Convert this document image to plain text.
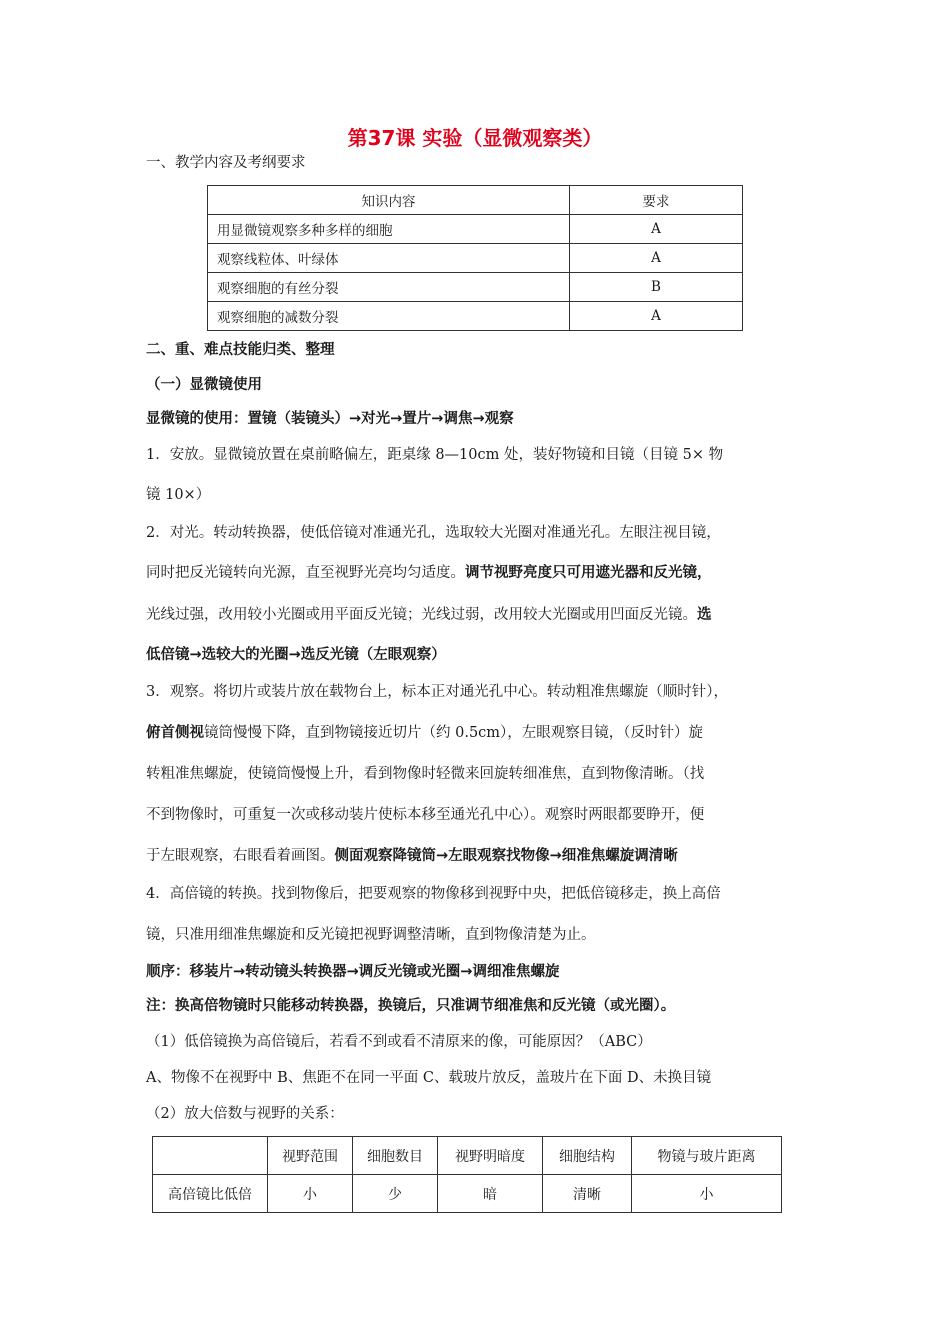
第37课 实验（显微观察类）
一、教学内容及考纲要求
知识内容	要求
用显微镜观察多种多样的细胞	A
观察线粒体、叶绿体	A
观察细胞的有丝分裂	B
观察细胞的减数分裂	A
二、重、难点技能归类、整理
（一）显微镜使用
显微镜的使用：置镜（装镜头）→对光→置片→调焦→观察
1．安放。显微镜放置在桌前略偏左，距桌缘 8—10cm 处，装好物镜和目镜（目镜 5× 物
镜 10×）
2．对光。转动转换器，使低倍镜对准通光孔，选取较大光圈对准通光孔。左眼注视目镜，
同时把反光镜转向光源，直至视野光亮均匀适度。调节视野亮度只可用遮光器和反光镜，
光线过强，改用较小光圈或用平面反光镜；光线过弱，改用较大光圈或用凹面反光镜。选
低倍镜→选较大的光圈→选反光镜（左眼观察）
3．观察。将切片或装片放在载物台上，标本正对通光孔中心。转动粗准焦螺旋（顺时针），
俯首侧视镜筒慢慢下降，直到物镜接近切片（约 0.5cm），左眼观察目镜，（反时针）旋
转粗准焦螺旋，使镜筒慢慢上升，看到物像时轻微来回旋转细准焦，直到物像清晰。（找
不到物像时，可重复一次或移动装片使标本移至通光孔中心）。观察时两眼都要睁开，便
于左眼观察，右眼看着画图。侧面观察降镜筒→左眼观察找物像→细准焦螺旋调清晰
4．高倍镜的转换。找到物像后，把要观察的物像移到视野中央，把低倍镜移走，换上高倍
镜，只准用细准焦螺旋和反光镜把视野调整清晰，直到物像清楚为止。
顺序：移装片→转动镜头转换器→调反光镜或光圈→调细准焦螺旋
注：换高倍物镜时只能移动转换器，换镜后，只准调节细准焦和反光镜（或光圈）。
（1）低倍镜换为高倍镜后，若看不到或看不清原来的像，可能原因？（ABC）
A、物像不在视野中 B、焦距不在同一平面 C、载玻片放反，盖玻片在下面 D、未换目镜
（2）放大倍数与视野的关系：
	视野范围	细胞数目	视野明暗度	细胞结构	物镜与玻片距离
高倍镜比低倍	小	少	暗	清晰	小
